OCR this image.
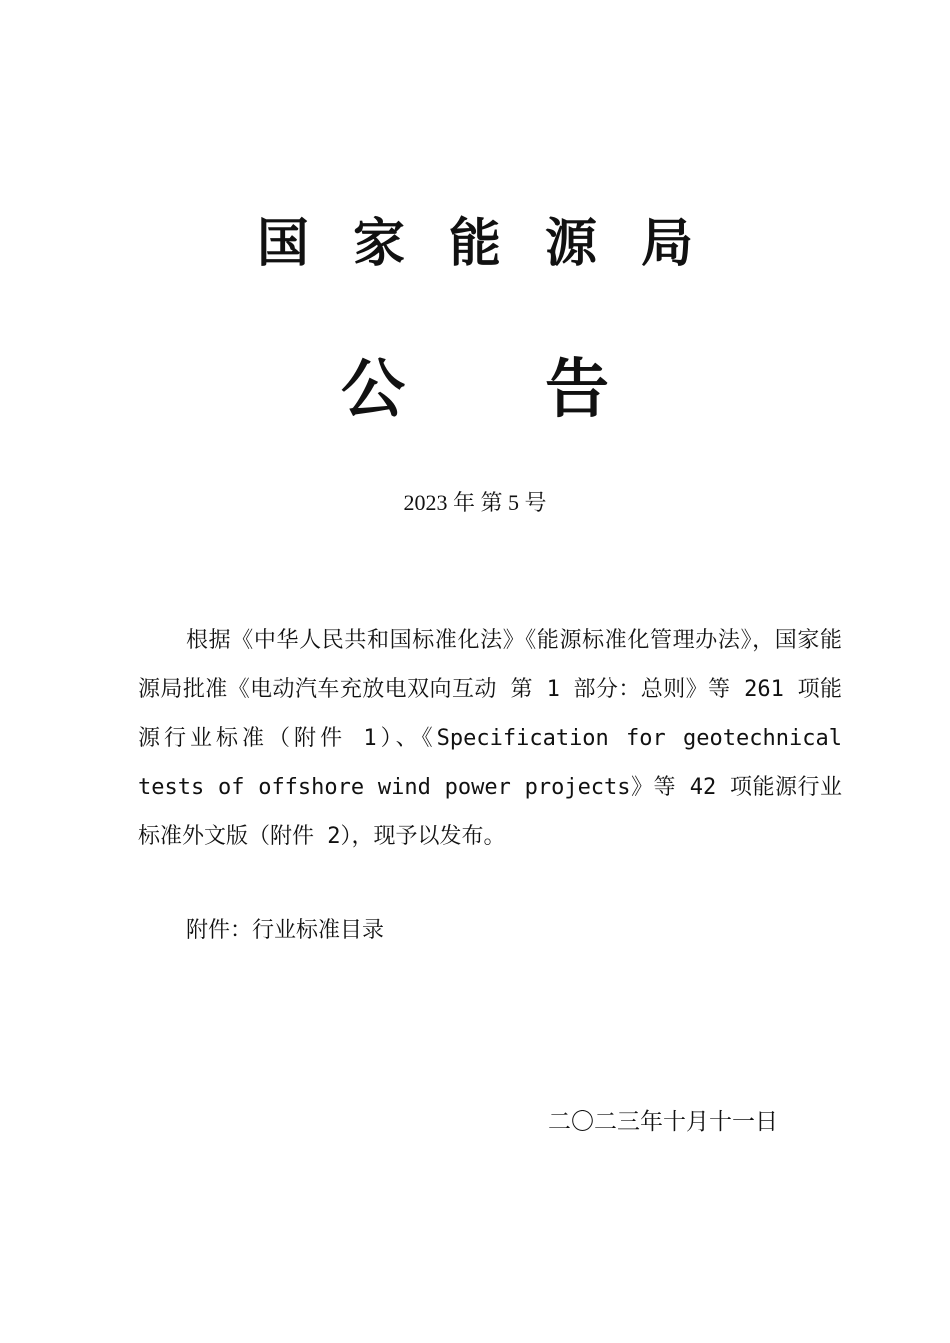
国家能源局
公 告
2023 年 第 5 号
根据《中华人民共和国标准化法》《能源标准化管理办法》，国家能源局批准《电动汽车充放电双向互动 第 1 部分：总则》等 261 项能源行业标准（附件 1）、《Specification for geotechnical tests of offshore wind power projects》等 42 项能源行业标准外文版（附件 2），现予以发布。
附件：行业标准目录
二〇二三年十月十一日
